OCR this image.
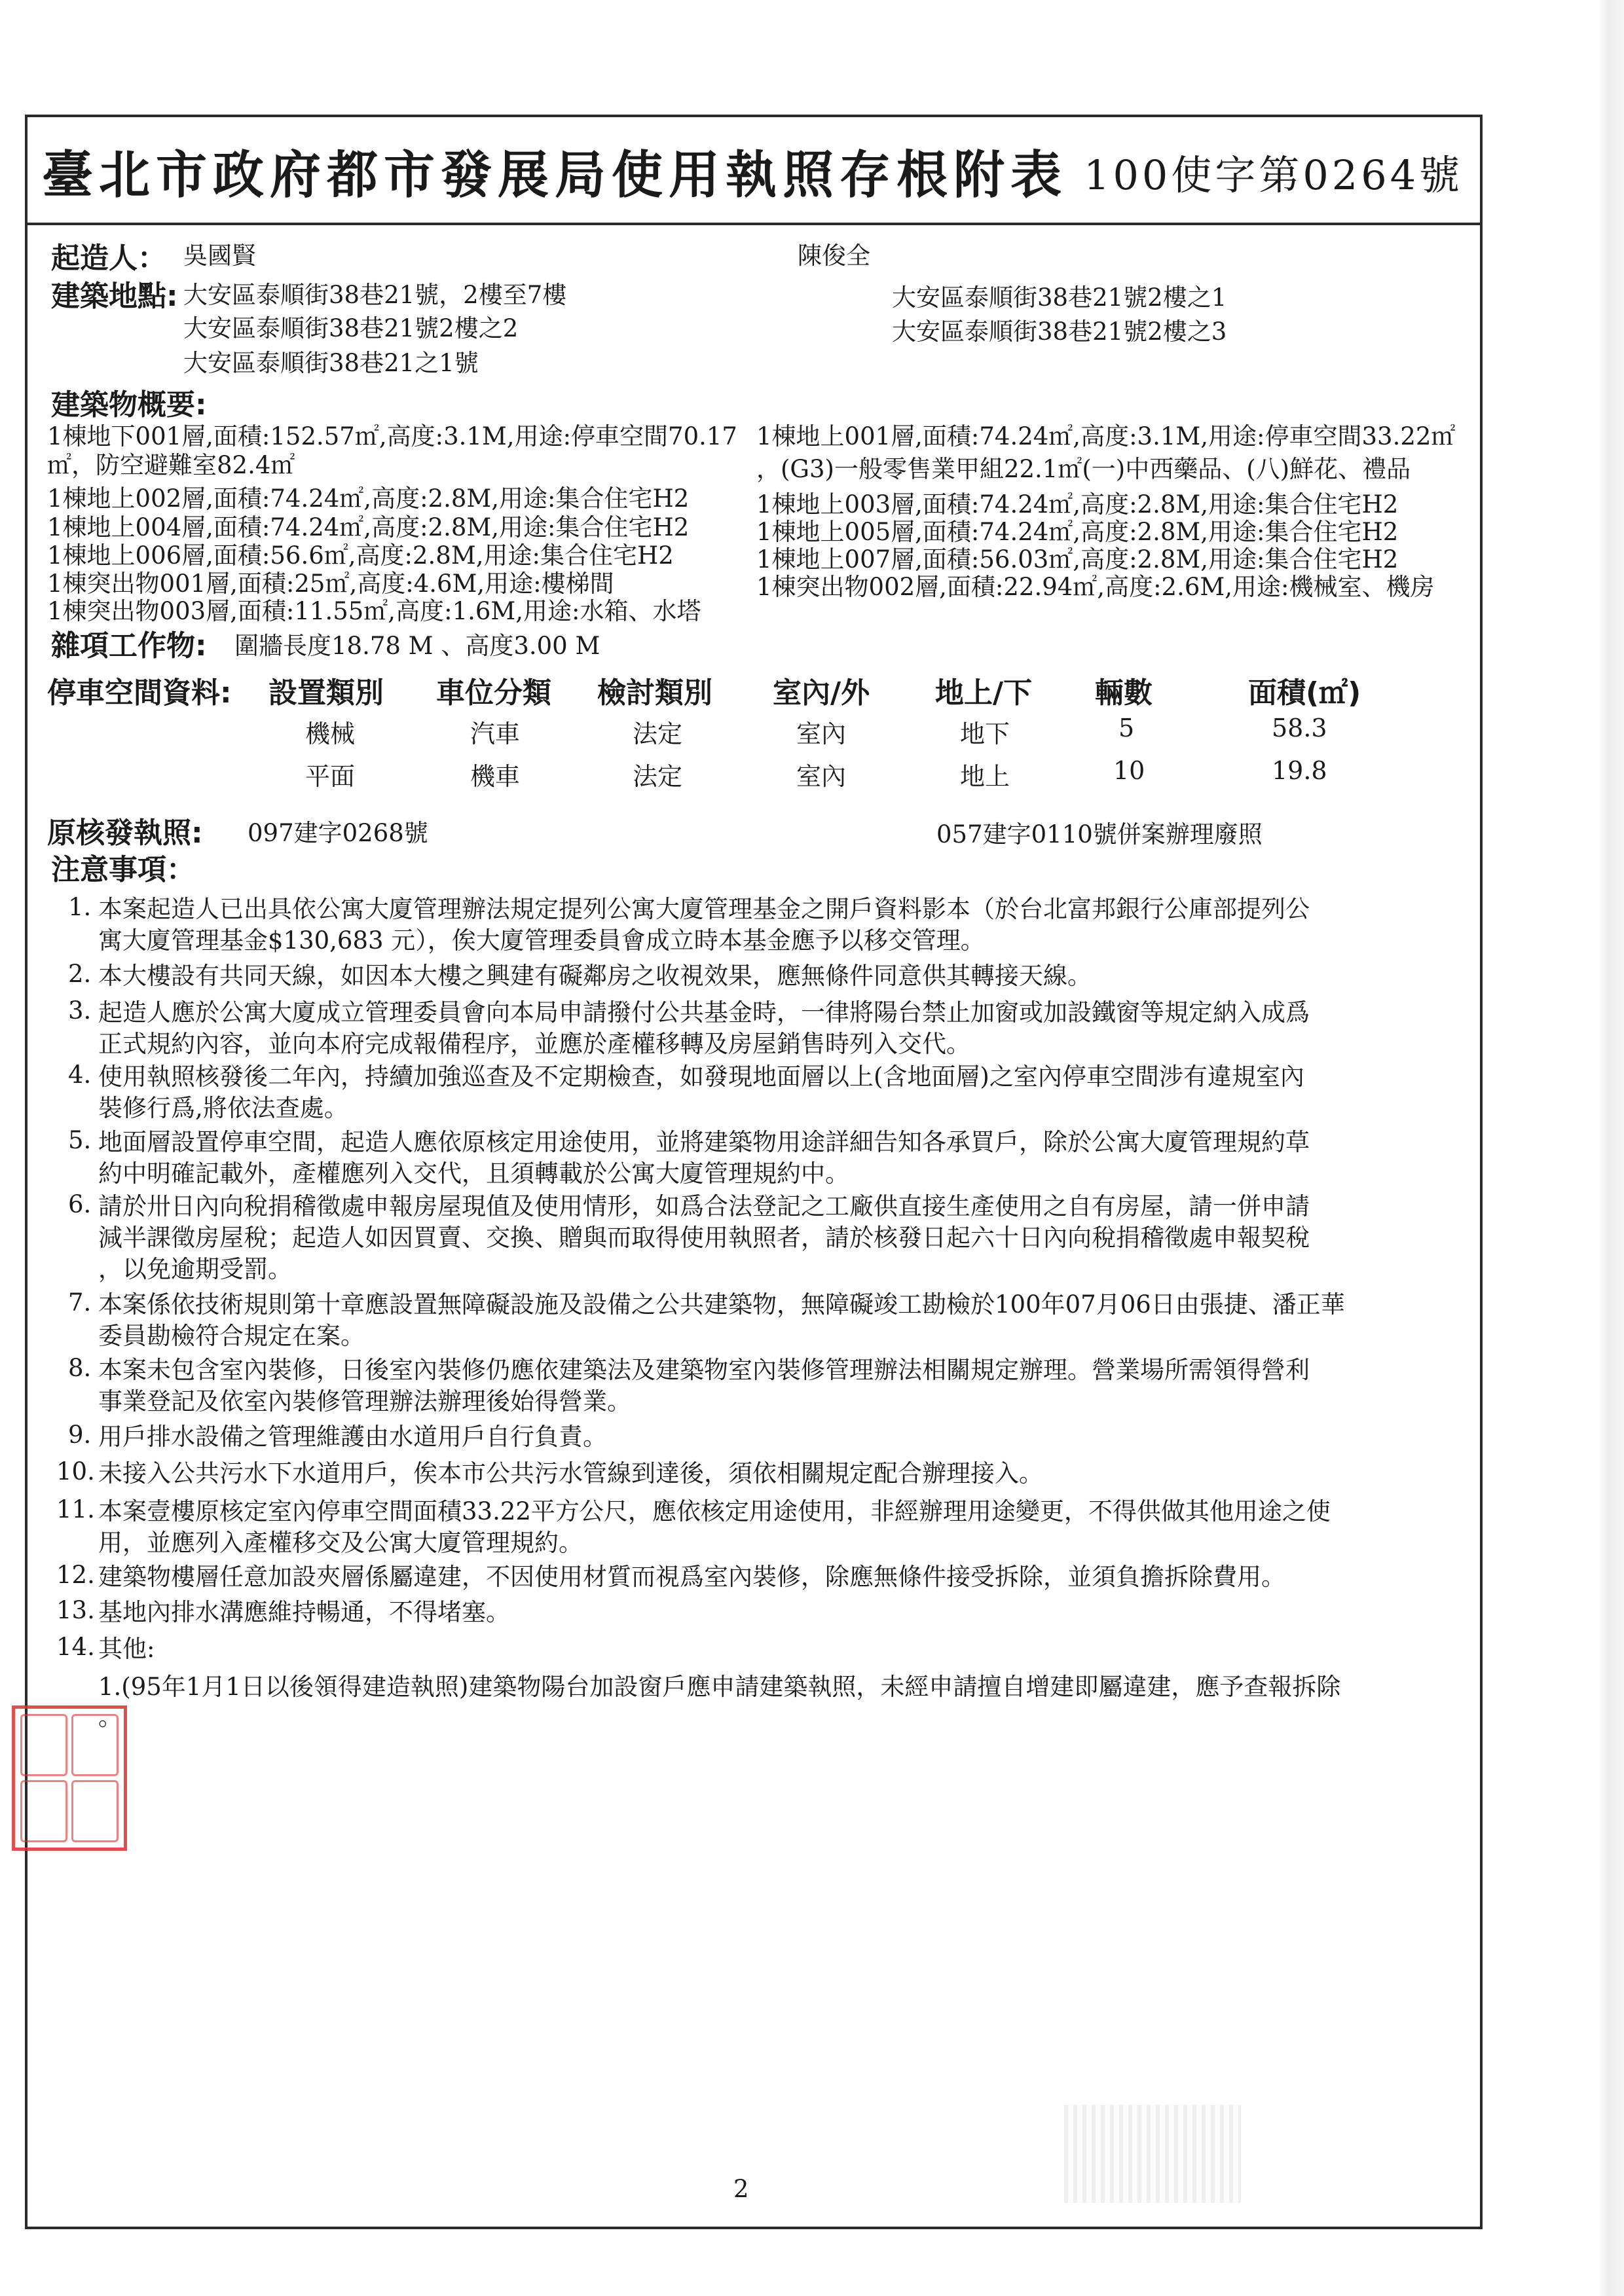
臺北市政府都市發展局使用執照存根附表 100使字第0264號
起造人： 吳國賢	陳俊全
建築地點: 大安區泰順街38巷21號，2樓至7樓
大安區泰順街38巷21號2樓之2
大安區泰順街38巷21之1號
大安區泰順街38巷21號2樓之1
大安區泰順街38巷21號2樓之3
建築物概要:
1棟地下001層,面積:152.57㎡,高度:3.1M,用途:停車空間70.17
㎡，防空避難室82.4㎡
1棟地上002層,面積:74.24㎡,高度:2.8M,用途:集合住宅H2
1棟地上004層,面積:74.24㎡,高度:2.8M,用途:集合住宅H2
1棟地上006層,面積:56.6㎡,高度:2.8M,用途:集合住宅H2
1棟突出物001層,面積:25㎡,高度:4.6M,用途:樓梯間
1棟突出物003層,面積:11.55㎡,高度:1.6M,用途:水箱、水塔
1棟地上001層,面積:74.24㎡,高度:3.1M,用途:停車空間33.22㎡
，(G3)一般零售業甲組22.1㎡(一)中西藥品、(八)鮮花、禮品
1棟地上003層,面積:74.24㎡,高度:2.8M,用途:集合住宅H2
1棟地上005層,面積:74.24㎡,高度:2.8M,用途:集合住宅H2
1棟地上007層,面積:56.03㎡,高度:2.8M,用途:集合住宅H2
1棟突出物002層,面積:22.94㎡,高度:2.6M,用途:機械室、機房
雜項工作物: 圍牆長度18.78 M 、高度3.00 M
停車空間資料: 設置類別 車位分類 檢討類別 室內/外 地上/下 輛數	面積(㎡)
機械	汽車	法定	室內	地下	5	58.3
平面	機車	法定	室內	地上	10	19.8
原核發執照: 097建字0268號	057建字0110號併案辦理廢照
注意事項：
1. 本案起造人已出具依公寓大廈管理辦法規定提列公寓大廈管理基金之開戶資料影本（於台北富邦銀行公庫部提列公
寓大廈管理基金$130,683 元），俟大廈管理委員會成立時本基金應予以移交管理。
2. 本大樓設有共同天線，如因本大樓之興建有礙鄰房之收視效果，應無條件同意供其轉接天線。
3. 起造人應於公寓大廈成立管理委員會向本局申請撥付公共基金時，一律將陽台禁止加窗或加設鐵窗等規定納入成爲
正式規約內容，並向本府完成報備程序，並應於產權移轉及房屋銷售時列入交代。
4. 使用執照核發後二年內，持續加強巡查及不定期檢查，如發現地面層以上(含地面層)之室內停車空間涉有違規室內
裝修行爲,將依法查處。
5. 地面層設置停車空間，起造人應依原核定用途使用，並將建築物用途詳細告知各承買戶，除於公寓大廈管理規約草
約中明確記載外，產權應列入交代，且須轉載於公寓大廈管理規約中。
6. 請於卅日內向稅捐稽徵處申報房屋現值及使用情形，如爲合法登記之工廠供直接生產使用之自有房屋，請一併申請
減半課徵房屋稅；起造人如因買賣、交換、贈與而取得使用執照者，請於核發日起六十日內向稅捐稽徵處申報契稅
，以免逾期受罰。
7. 本案係依技術規則第十章應設置無障礙設施及設備之公共建築物，無障礙竣工勘檢於100年07月06日由張捷、潘正華
委員勘檢符合規定在案。
8. 本案未包含室內裝修，日後室內裝修仍應依建築法及建築物室內裝修管理辦法相關規定辦理。營業場所需領得營利
事業登記及依室內裝修管理辦法辦理後始得營業。
9. 用戶排水設備之管理維護由水道用戶自行負責。
10. 未接入公共污水下水道用戶，俟本市公共污水管線到達後，須依相關規定配合辦理接入。
11. 本案壹樓原核定室內停車空間面積33.22平方公尺，應依核定用途使用，非經辦理用途變更，不得供做其他用途之使
用，並應列入產權移交及公寓大廈管理規約。
12. 建築物樓層任意加設夾層係屬違建，不因使用材質而視爲室內裝修，除應無條件接受拆除，並須負擔拆除費用。
13. 基地內排水溝應維持暢通，不得堵塞。
14. 其他:
1.(95年1月1日以後領得建造執照)建築物陽台加設窗戶應申請建築執照，未經申請擅自增建即屬違建，應予查報拆除
。
2
